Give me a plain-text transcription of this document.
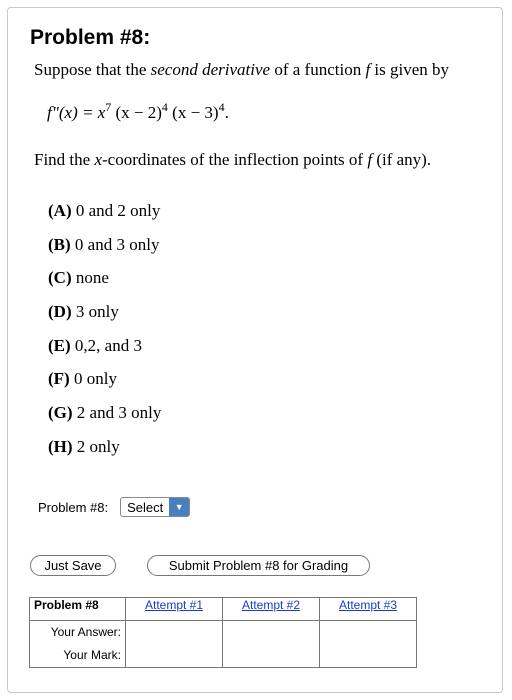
Problem #8:
Suppose that the second derivative of a function f is given by
f"(x) = $x^7$ $(x - 2)^4$ $(x - 3)^4$.
Find the x-coordinates of the inflection points of f (if any).
(A) 0 and 2 only
(B) 0 and 3 only
(C) none
(D) 3 only
(E) 0,2, and 3
(F) 0 only
(G) 2 and 3 only
(H) 2 only
Problem #8:	Select	▼
Just Save	Submit Problem #8 for Grading
Problem #8	Attempt #1	Attempt #2	Attempt #3

Your Answer:
Your Mark:			
